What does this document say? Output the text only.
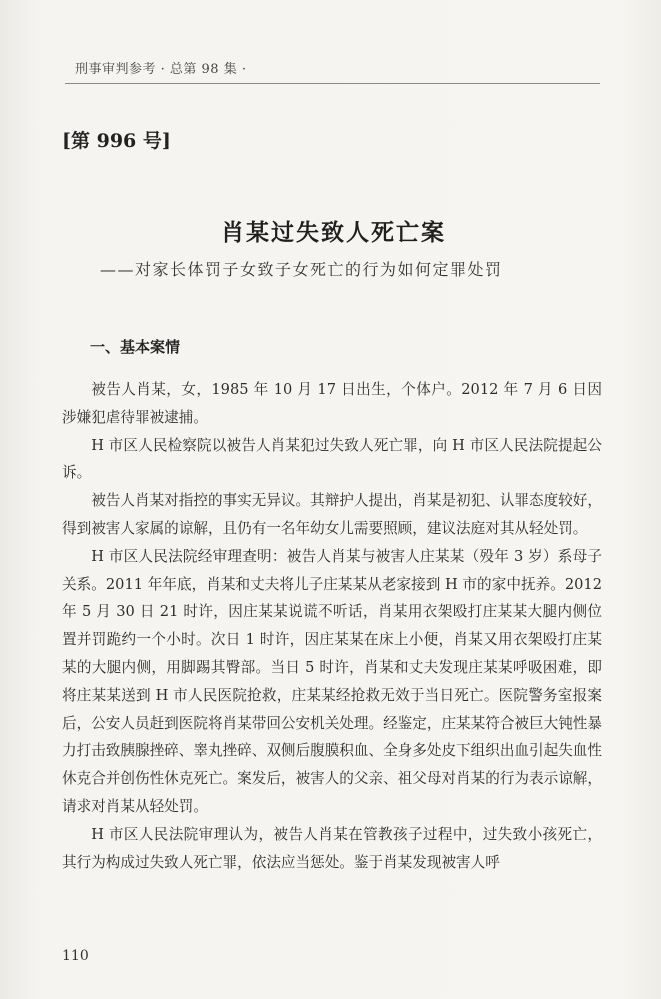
刑事审判参考 · 总第 98 集 ·
[第 996 号]
肖某过失致人死亡案
——对家长体罚子女致子女死亡的行为如何定罪处罚
一、基本案情

被告人肖某，女，1985 年 10 月 17 日出生，个体户。2012 年 7 月 6 日因涉嫌犯虐待罪被逮捕。

H 市区人民检察院以被告人肖某犯过失致人死亡罪，向 H 市区人民法院提起公诉。

被告人肖某对指控的事实无异议。其辩护人提出，肖某是初犯、认罪态度较好，得到被害人家属的谅解，且仍有一名年幼女儿需要照顾，建议法庭对其从轻处罚。

H 市区人民法院经审理查明：被告人肖某与被害人庄某某（殁年 3 岁）系母子关系。2011 年年底，肖某和丈夫将儿子庄某某从老家接到 H 市的家中抚养。2012 年 5 月 30 日 21 时许，因庄某某说谎不听话，肖某用衣架殴打庄某某大腿内侧位置并罚跪约一个小时。次日 1 时许，因庄某某在床上小便，肖某又用衣架殴打庄某某的大腿内侧，用脚踢其臀部。当日 5 时许，肖某和丈夫发现庄某某呼吸困难，即将庄某某送到 H 市人民医院抢救，庄某某经抢救无效于当日死亡。医院警务室报案后，公安人员赶到医院将肖某带回公安机关处理。经鉴定，庄某某符合被巨大钝性暴力打击致胰腺挫碎、睾丸挫碎、双侧后腹膜积血、全身多处皮下组织出血引起失血性休克合并创伤性休克死亡。案发后，被害人的父亲、祖父母对肖某的行为表示谅解，请求对肖某从轻处罚。

H 市区人民法院审理认为，被告人肖某在管教孩子过程中，过失致小孩死亡，其行为构成过失致人死亡罪，依法应当惩处。鉴于肖某发现被害人呼

110
